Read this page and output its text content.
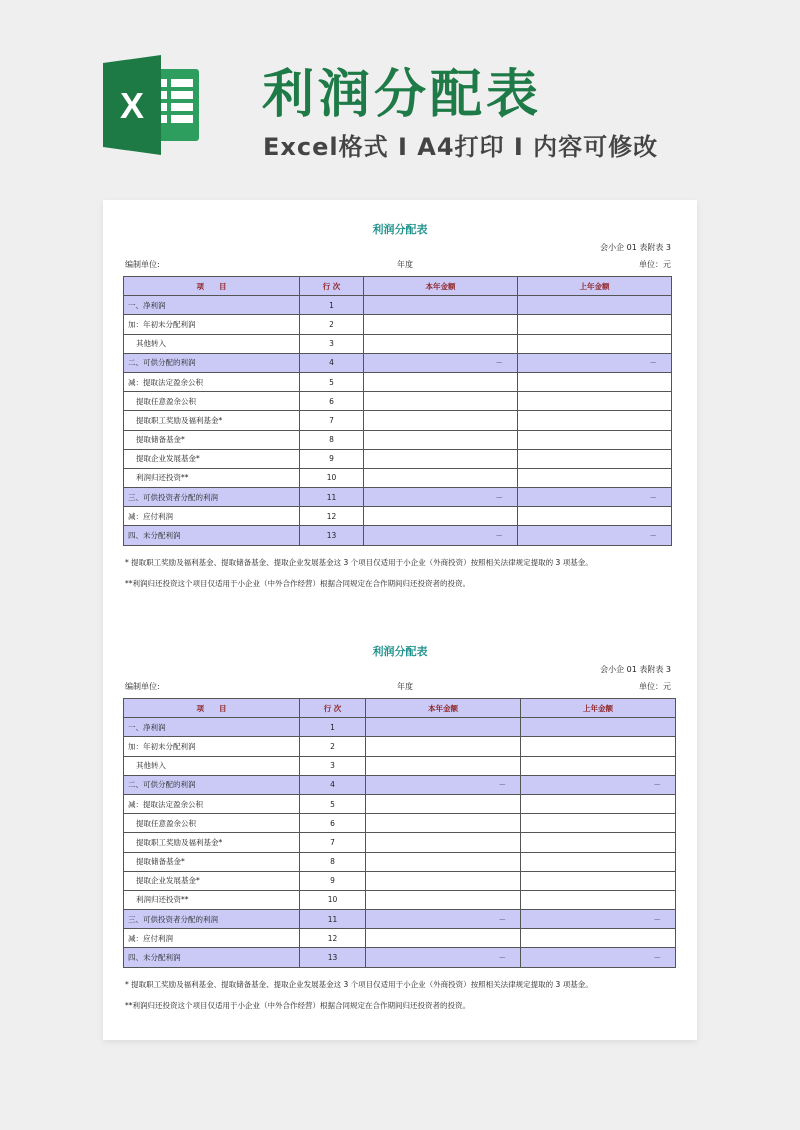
X 利润分配表
Excel格式 I A4打印 I 内容可修改
利润分配表
会小企 01 表附表 3
编制单位:	年度	单位：元
项　　目	行 次	本年金额	上年金额
一、净利润	1		
加：年初未分配利润	2		
其他转入	3		
二、可供分配的利润	4	－	－
减：提取法定盈余公积	5		
提取任意盈余公积	6		
提取职工奖励及福利基金*	7		
提取储备基金*	8		
提取企业发展基金*	9		
利润归还投资**	10		
三、可供投资者分配的利润	11	－	－
减：应付利润	12		
四、未分配利润	13	－	－
* 提取职工奖励及福利基金、提取储备基金、提取企业发展基金这 3 个项目仅适用于小企业（外商投资）按照相关法律规定提取的 3 项基金。
**利润归还投资这个项目仅适用于小企业（中外合作经营）根据合同规定在合作期间归还投资者的投资。
利润分配表
会小企 01 表附表 3
编制单位:	年度	单位：元
项　　目	行 次	本年金额	上年金额
一、净利润	1		
加：年初未分配利润	2		
其他转入	3		
二、可供分配的利润	4	－	－
减：提取法定盈余公积	5		
提取任意盈余公积	6		
提取职工奖励及福利基金*	7		
提取储备基金*	8		
提取企业发展基金*	9		
利润归还投资**	10		
三、可供投资者分配的利润	11	－	－
减：应付利润	12		
四、未分配利润	13	－	－
* 提取职工奖励及福利基金、提取储备基金、提取企业发展基金这 3 个项目仅适用于小企业（外商投资）按照相关法律规定提取的 3 项基金。
**利润归还投资这个项目仅适用于小企业（中外合作经营）根据合同规定在合作期间归还投资者的投资。
